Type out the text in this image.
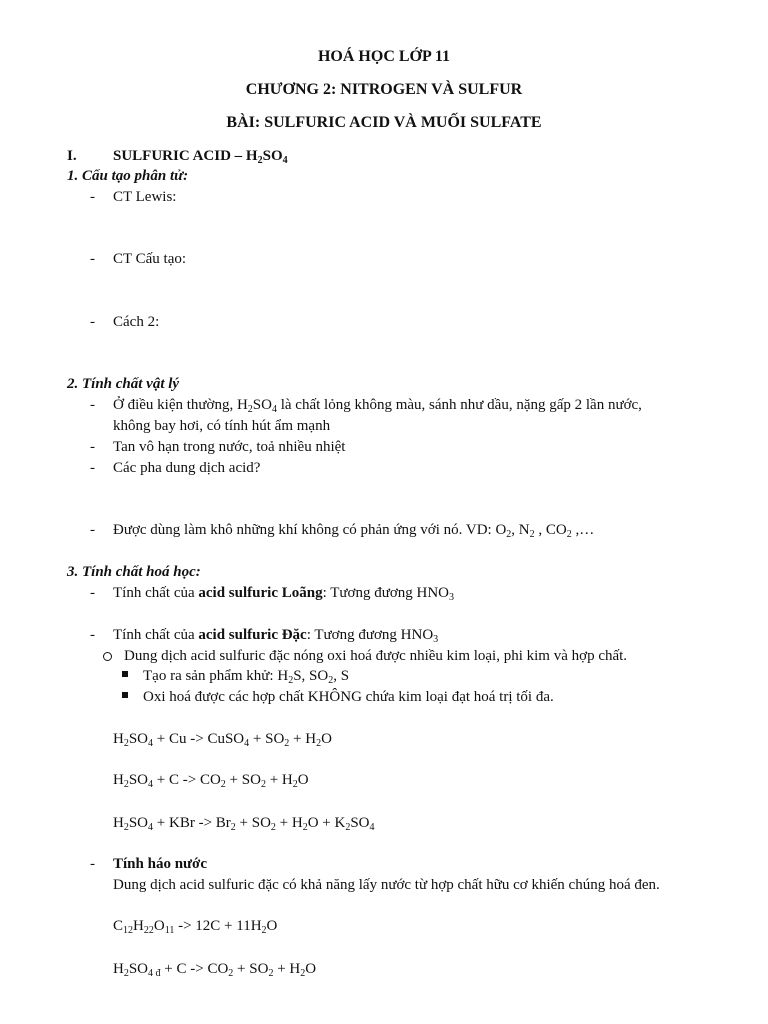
HOÁ HỌC LỚP 11
CHƯƠNG 2: NITROGEN VÀ SULFUR
BÀI: SULFURIC ACID VÀ MUỐI SULFATE
I. SULFURIC ACID – $H_2SO_4$
1. Cấu tạo phân tử:
- CT Lewis:
- CT Cấu tạo:
- Cách 2:
2. Tính chất vật lý
- Ở điều kiện thường, $H_2SO_4$ là chất lỏng không màu, sánh như dầu, nặng gấp 2 lần nước,
không bay hơi, có tính hút ẩm mạnh
- Tan vô hạn trong nước, toả nhiều nhiệt
- Các pha dung dịch acid?
- Được dùng làm khô những khí không có phản ứng với nó. VD: $O_2$, $N_2$ , $CO_2$ ,…
3. Tính chất hoá học:
- Tính chất của acid sulfuric Loãng: Tương đương $HNO_3$
- Tính chất của acid sulfuric Đặc: Tương đương $HNO_3$
Dung dịch acid sulfuric đặc nóng oxi hoá được nhiều kim loại, phi kim và hợp chất.
Tạo ra sản phẩm khử: $H_2S$, $SO_2$, S
Oxi hoá được các hợp chất KHÔNG chứa kim loại đạt hoá trị tối đa.
$H_2SO_4 + Cu$ -> CuSO$_4$ + $SO_2 + H_2O$
$H_2SO_4 + C -> CO_2 + SO_2 + H_2O$
$H_2SO_4$ + KBr -> $Br_2 + SO_2 + H_2O + K_2SO_4$
- Tính háo nước
Dung dịch acid sulfuric đặc có khả năng lấy nước từ hợp chất hữu cơ khiến chúng hoá đen.
$C_{12}H_{22}O_{11} -> 12C + 11H_2O$
$H_2SO_{4 đ} + C -> CO_2 + SO_2 + H_2O$
